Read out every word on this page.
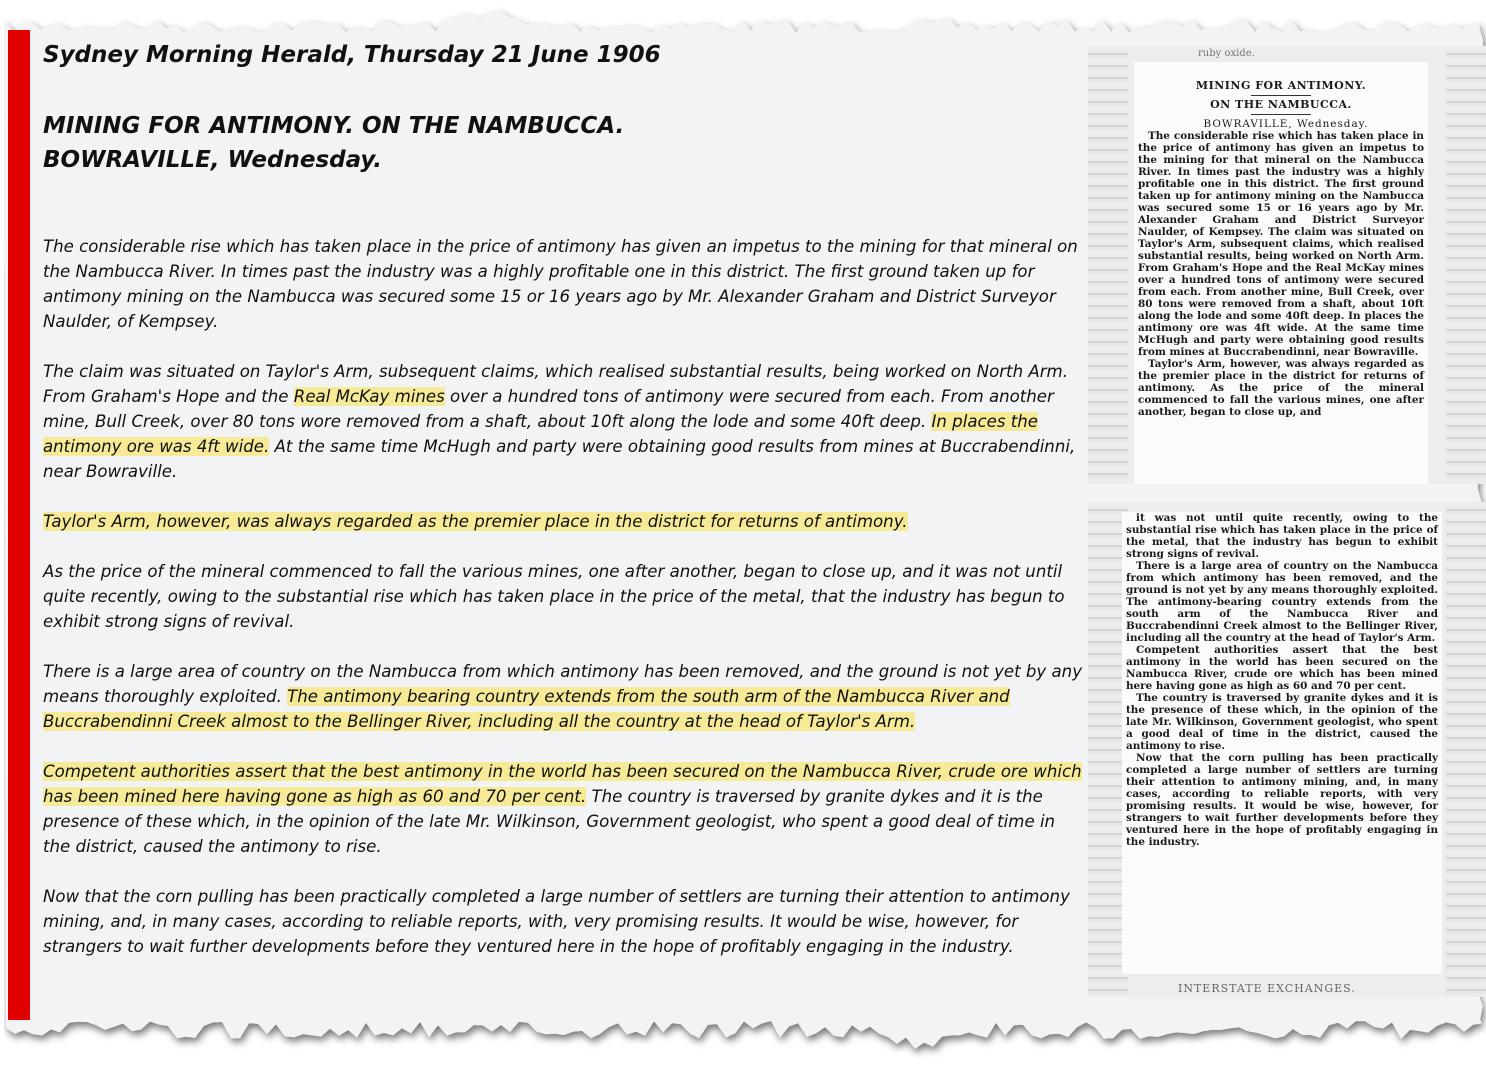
Sydney Morning Herald, Thursday 21 June 1906
MINING FOR ANTIMONY. ON THE NAMBUCCA.
BOWRAVILLE, Wednesday.

The considerable rise which has taken place in the price of antimony has given an impetus to the mining for that mineral on the Nambucca River. In times past the industry was a highly profitable one in this district. The first ground taken up for antimony mining on the Nambucca was secured some 15 or 16 years ago by Mr. Alexander Graham and District Surveyor Naulder, of Kempsey.

The claim was situated on Taylor's Arm, subsequent claims, which realised substantial results, being worked on North Arm. From Graham's Hope and the Real McKay mines over a hundred tons of antimony were secured from each. From another mine, Bull Creek, over 80 tons wore removed from a shaft, about 10ft along the lode and some 40ft deep. In places the antimony ore was 4ft wide. At the same time McHugh and party were obtaining good results from mines at Buccrabendinni, near Bowraville.

Taylor's Arm, however, was always regarded as the premier place in the district for returns of antimony.

As the price of the mineral commenced to fall the various mines, one after another, began to close up, and it was not until quite recently, owing to the substantial rise which has taken place in the price of the metal, that the industry has begun to exhibit strong signs of revival.

There is a large area of country on the Nambucca from which antimony has been removed, and the ground is not yet by any means thoroughly exploited. The antimony bearing country extends from the south arm of the Nambucca River and Buccrabendinni Creek almost to the Bellinger River, including all the country at the head of Taylor's Arm.

Competent authorities assert that the best antimony in the world has been secured on the Nambucca River, crude ore which has been mined here having gone as high as 60 and 70 per cent. The country is traversed by granite dykes and it is the presence of these which, in the opinion of the late Mr. Wilkinson, Government geologist, who spent a good deal of time in the district, caused the antimony to rise.

Now that the corn pulling has been practically completed a large number of settlers are turning their attention to antimony mining, and, in many cases, according to reliable reports, with, very promising results. It would be wise, however, for strangers to wait further developments before they ventured here in the hope of profitably engaging in the industry.

ruby oxide.

MINING FOR ANTIMONY.

ON THE NAMBUCCA.

BOWRAVILLE, Wednesday.

The considerable rise which has taken place in the price of antimony has given an impetus to the mining for that mineral on the Nambucca River. In times past the industry was a highly profitable one in this district. The first ground taken up for antimony mining on the Nambucca was secured some 15 or 16 years ago by Mr. Alexander Graham and District Surveyor Naulder, of Kempsey. The claim was situated on Taylor's Arm, subsequent claims, which realised substantial results, being worked on North Arm. From Graham's Hope and the Real McKay mines over a hundred tons of antimony were secured from each. From another mine, Bull Creek, over 80 tons were removed from a shaft, about 10ft along the lode and some 40ft deep. In places the antimony ore was 4ft wide. At the same time McHugh and party were obtaining good results from mines at Buccrabendinni, near Bowraville.

Taylor's Arm, however, was always regarded as the premier place in the district for returns of antimony. As the price of the mineral commenced to fall the various mines, one after another, began to close up, and

it was not until quite recently, owing to the substantial rise which has taken place in the price of the metal, that the industry has begun to exhibit strong signs of revival.

There is a large area of country on the Nambucca from which antimony has been removed, and the ground is not yet by any means thoroughly exploited. The antimony-bearing country extends from the south arm of the Nambucca River and Buccrabendinni Creek almost to the Bellinger River, including all the country at the head of Taylor's Arm.

Competent authorities assert that the best antimony in the world has been secured on the Nambucca River, crude ore which has been mined here having gone as high as 60 and 70 per cent.

The country is traversed by granite dykes and it is the presence of these which, in the opinion of the late Mr. Wilkinson, Government geologist, who spent a good deal of time in the district, caused the antimony to rise.

Now that the corn pulling has been practically completed a large number of settlers are turning their attention to antimony mining, and, in many cases, according to reliable reports, with very promising results. It would be wise, however, for strangers to wait further developments before they ventured here in the hope of profitably engaging in the industry.

INTERSTATE EXCHANGES.
